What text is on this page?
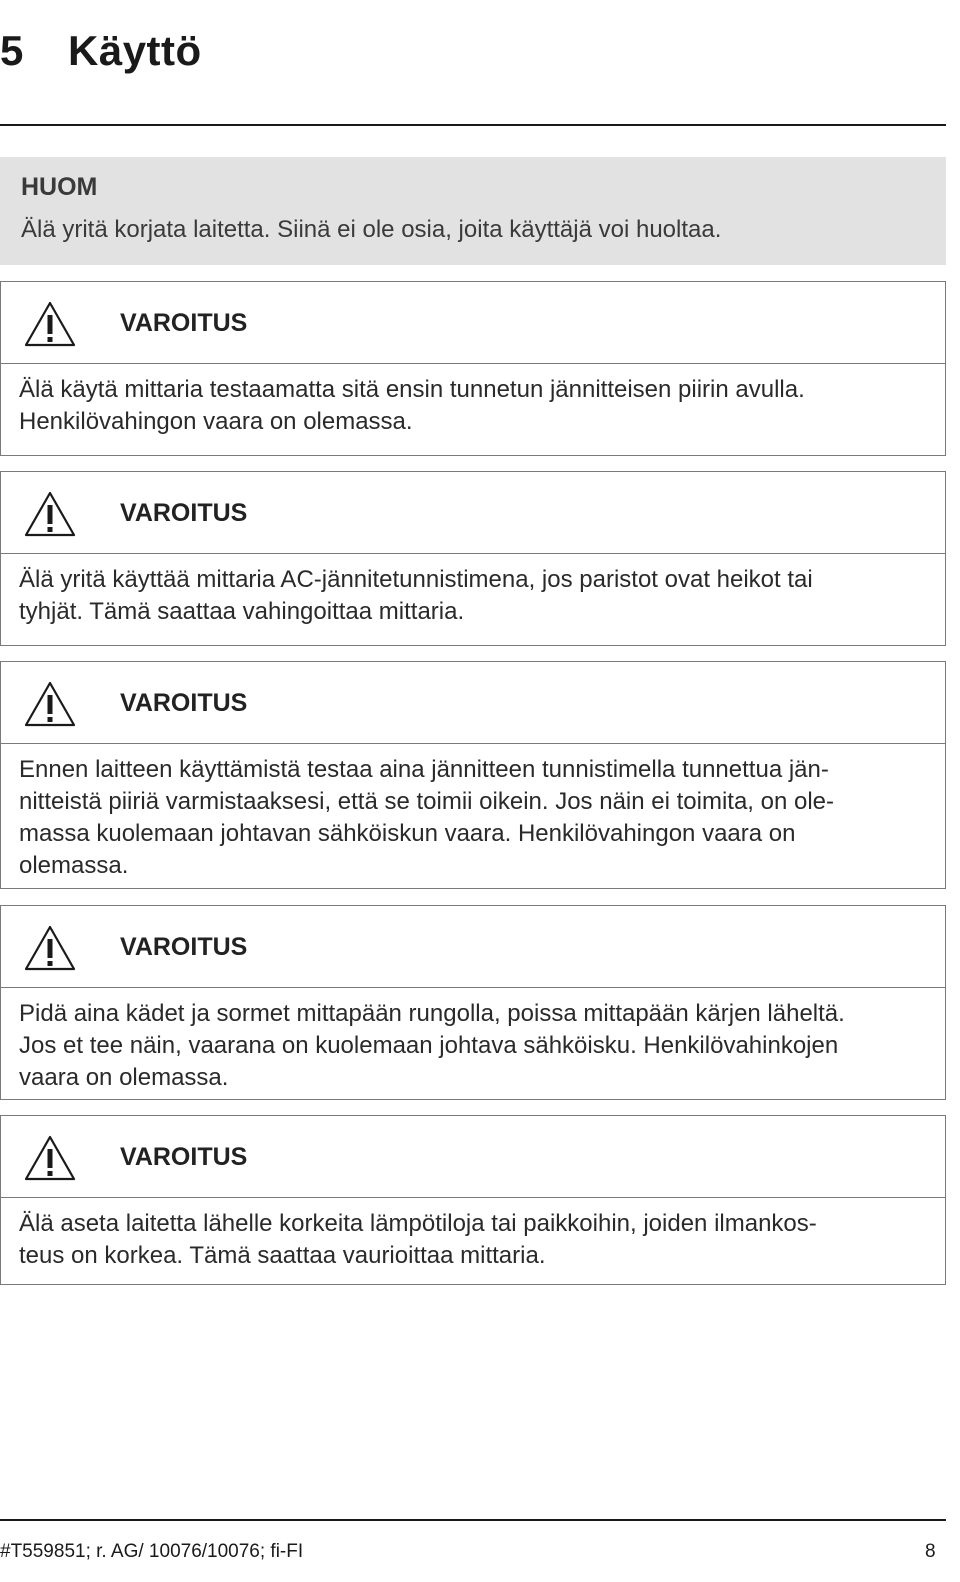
5 Käyttö
HUOM
Älä yritä korjata laitetta. Siinä ei ole osia, joita käyttäjä voi huoltaa.
VAROITUS
Älä käytä mittaria testaamatta sitä ensin tunnetun jännitteisen piirin avulla.
Henkilövahingon vaara on olemassa.
VAROITUS
Älä yritä käyttää mittaria AC-jännitetunnistimena, jos paristot ovat heikot tai
tyhjät. Tämä saattaa vahingoittaa mittaria.
VAROITUS
Ennen laitteen käyttämistä testaa aina jännitteen tunnistimella tunnettua jän-
nitteistä piiriä varmistaaksesi, että se toimii oikein. Jos näin ei toimita, on ole-
massa kuolemaan johtavan sähköiskun vaara. Henkilövahingon vaara on
olemassa.
VAROITUS
Pidä aina kädet ja sormet mittapään rungolla, poissa mittapään kärjen läheltä.
Jos et tee näin, vaarana on kuolemaan johtava sähköisku. Henkilövahinkojen
vaara on olemassa.
VAROITUS
Älä aseta laitetta lähelle korkeita lämpötiloja tai paikkoihin, joiden ilmankos-
teus on korkea. Tämä saattaa vaurioittaa mittaria.
#T559851; r. AG/ 10076/10076; fi-FI	8
